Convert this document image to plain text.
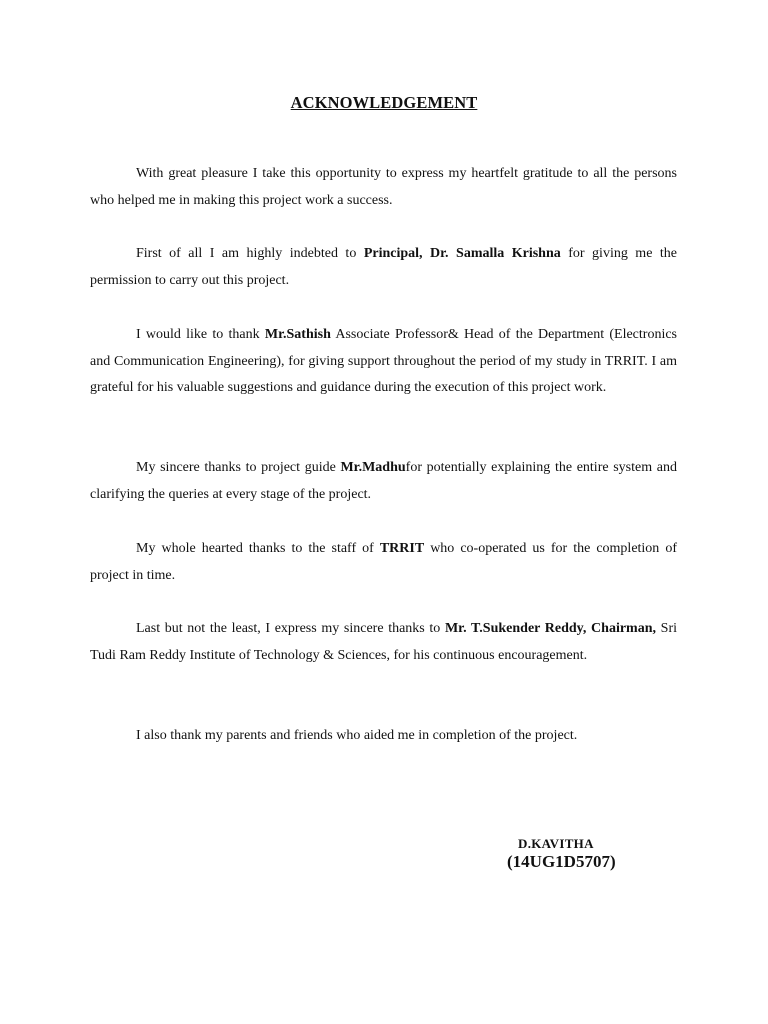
ACKNOWLEDGEMENT

With great pleasure I take this opportunity to express my heartfelt gratitude to all the persons who helped me in making this project work a success.

First of all I am highly indebted to Principal, Dr. Samalla Krishna for giving me the permission to carry out this project.

I would like to thank Mr.Sathish Associate Professor& Head of the Department (Electronics and Communication Engineering), for giving support throughout the period of my study in TRRIT. I am grateful for his valuable suggestions and guidance during the execution of this project work.

My sincere thanks to project guide Mr.Madhufor potentially explaining the entire system and clarifying the queries at every stage of the project.

My whole hearted thanks to the staff of TRRIT who co-operated us for the completion of project in time.

Last but not the least, I express my sincere thanks to Mr. T.Sukender Reddy, Chairman, Sri Tudi Ram Reddy Institute of Technology & Sciences, for his continuous encouragement.

I also thank my parents and friends who aided me in completion of the project.

D.KAVITHA
(14UG1D5707)
